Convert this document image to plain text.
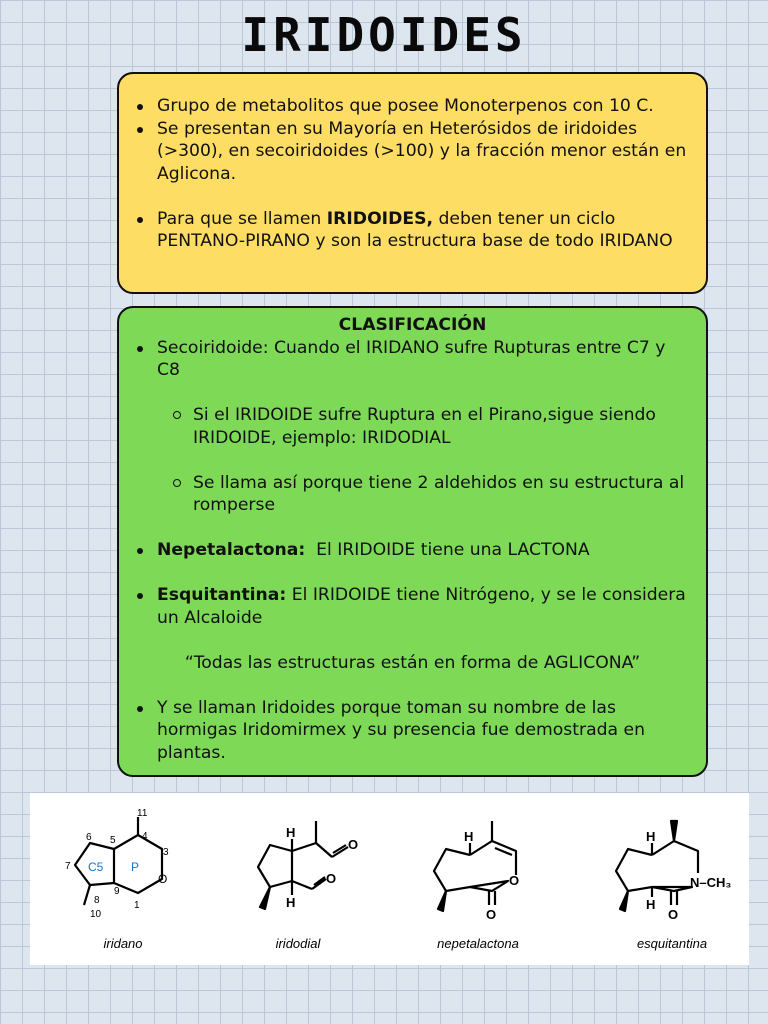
IRIDOIDES
Grupo de metabolitos que posee Monoterpenos con 10 C.
Se presentan en su Mayoría en Heterósidos de iridoides (>300), en secoiridoides (>100) y la fracción menor están en Aglicona.
Para que se llamen IRIDOIDES, deben tener un ciclo PENTANO-PIRANO y son la estructura base de todo IRIDANO
CLASIFICACIÓN
Secoiridoide: Cuando el IRIDANO sufre Rupturas entre C7 y C8
Si el IRIDOIDE sufre Ruptura en el Pirano,sigue siendo IRIDOIDE, ejemplo: IRIDODIAL
Se llama así porque tiene 2 aldehidos en su estructura al romperse
Nepetalactona:  El IRIDOIDE tiene una LACTONA
Esquitantina: El IRIDOIDE tiene Nitrógeno, y se le considera un Alcaloide
“Todas las estructuras están en forma de AGLICONA”
Y se llaman Iridoides porque toman su nombre de las hormigas Iridomirmex y su presencia fue demostrada en plantas.
11
4
6 5
3
7 C5 P
9
8	1
10
O
iridano
H
H
O
O
iridodial
H
O
O
nepetalactona
H
H
N–CH₃
O
esquitantina
